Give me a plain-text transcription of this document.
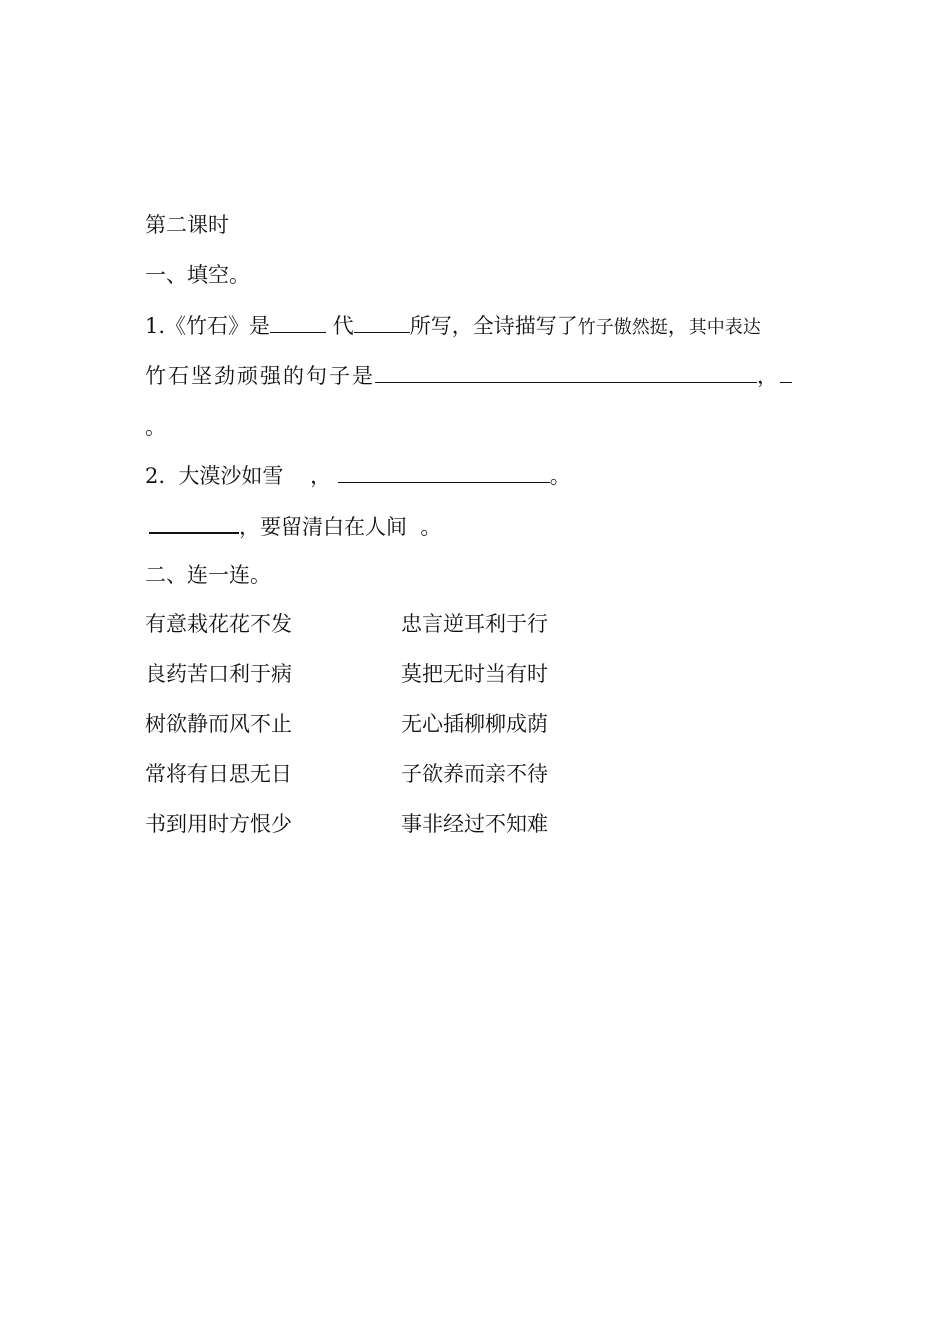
第二课时
一、填空。
1.《竹石》是	代	所写，全诗描写了竹子傲然挺，其中表达
竹石坚劲顽强的句子是	，
。
2. 大漠沙如雪 ，	。
，要留清白在人间 。
二、连一连。
有意栽花花不发	忠言逆耳利于行
良药苦口利于病	莫把无时当有时
树欲静而风不止	无心插柳柳成荫
常将有日思无日	子欲养而亲不待
书到用时方恨少	事非经过不知难
